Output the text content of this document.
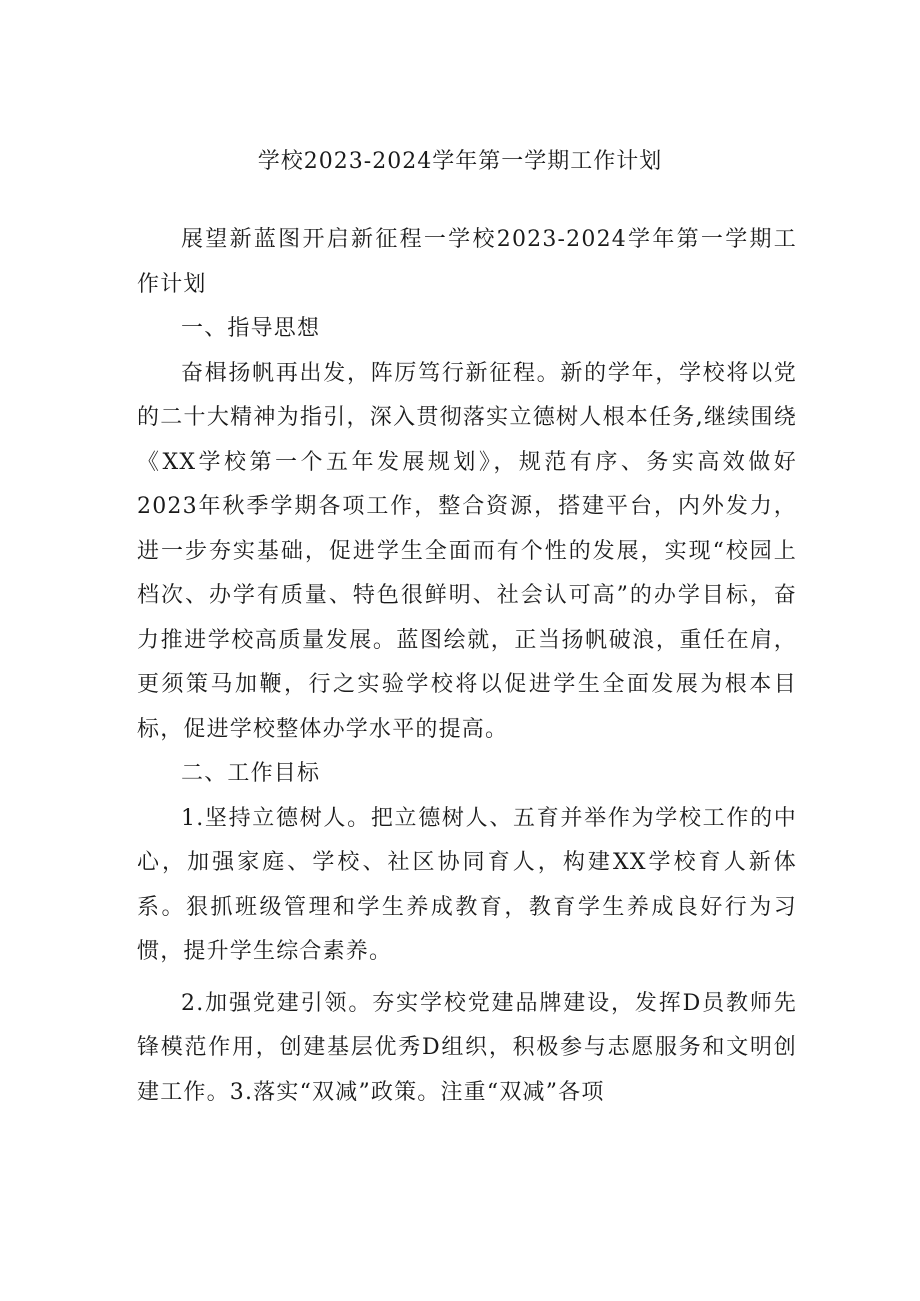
学校2023-2024学年第一学期工作计划

展望新蓝图开启新征程一学校2023-2024学年第一学期工作计划

一、指导思想

奋楫扬帆再出发，阵厉笃行新征程。新的学年，学校将以党的二十大精神为指引，深入贯彻落实立德树人根本任务,继续围绕《XX学校第一个五年发展规划》，规范有序、务实高效做好2023年秋季学期各项工作，整合资源，搭建平台，内外发力，进一步夯实基础，促进学生全面而有个性的发展，实现“校园上档次、办学有质量、特色很鲜明、社会认可高”的办学目标，奋力推进学校高质量发展。蓝图绘就，正当扬帆破浪，重任在肩，更须策马加鞭，行之实验学校将以促进学生全面发展为根本目标，促进学校整体办学水平的提高。

二、工作目标

1.坚持立德树人。把立德树人、五育并举作为学校工作的中心，加强家庭、学校、社区协同育人，构建XX学校育人新体系。狠抓班级管理和学生养成教育，教育学生养成良好行为习惯，提升学生综合素养。

2.加强党建引领。夯实学校党建品牌建设，发挥D员教师先锋模范作用，创建基层优秀D组织，积极参与志愿服务和文明创建工作。3.落实“双减”政策。注重“双减”各项
